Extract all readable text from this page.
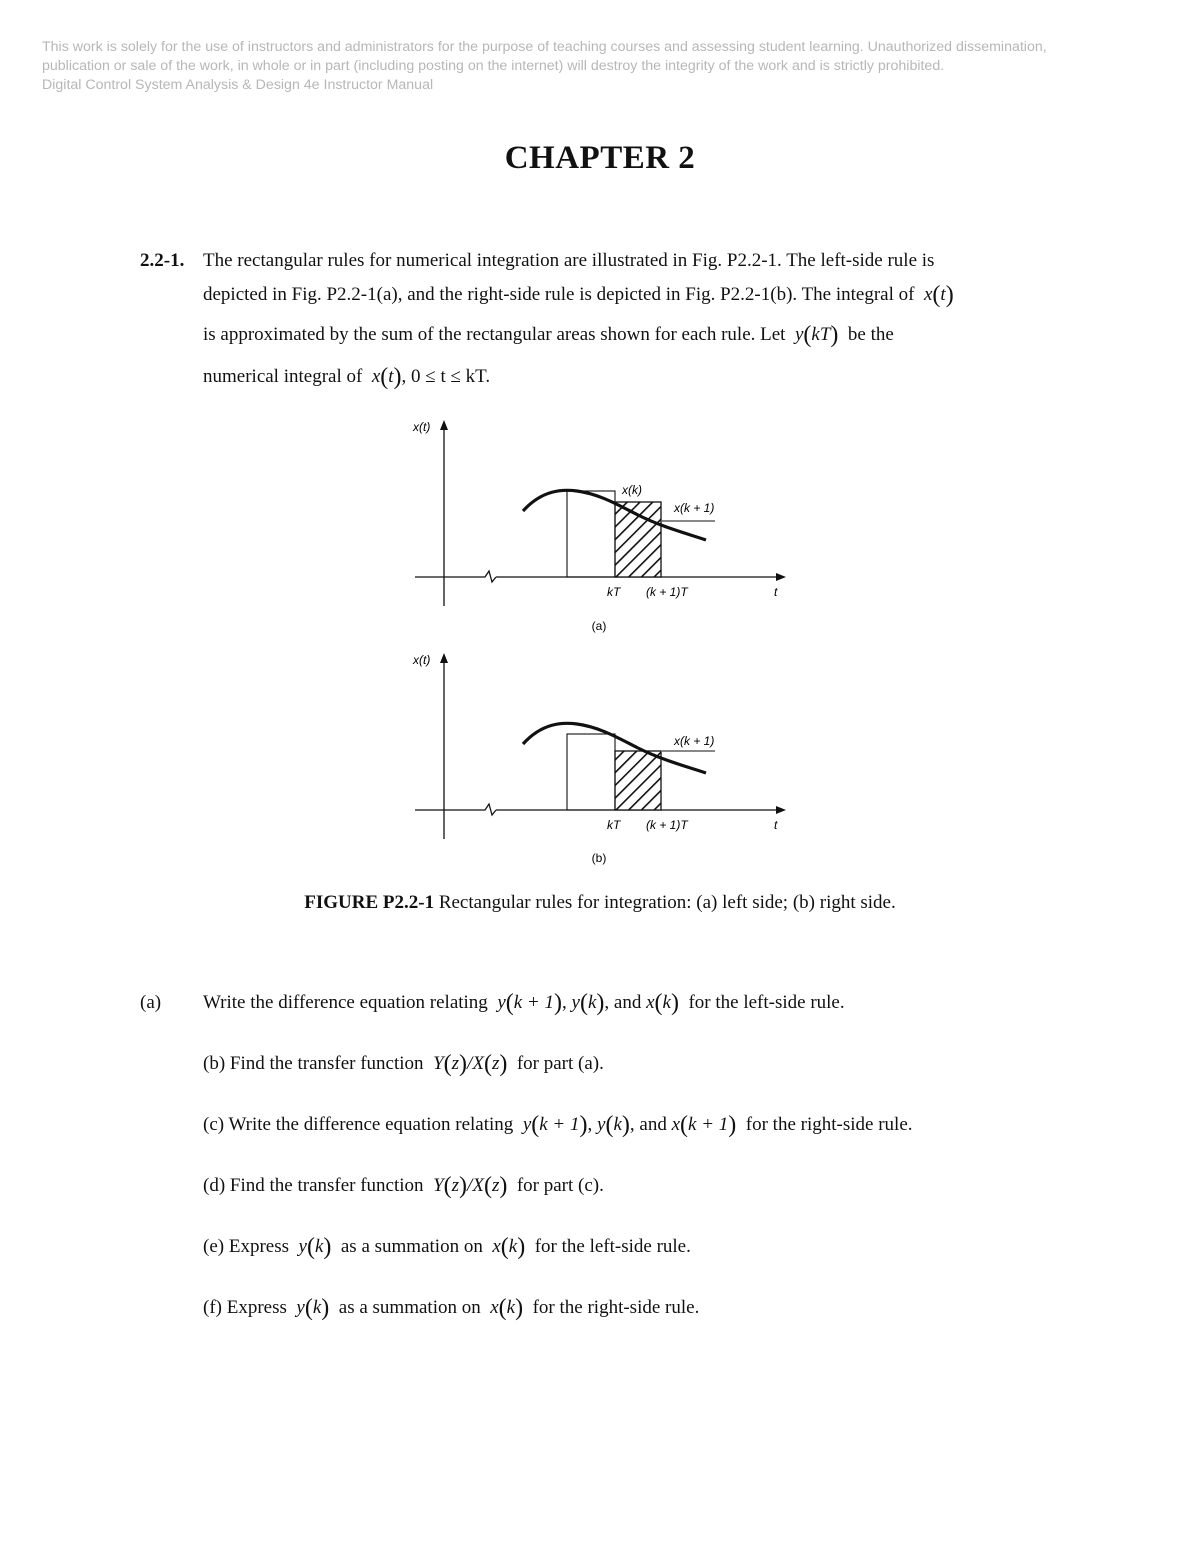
This work is solely for the use of instructors and administrators for the purpose of teaching courses and assessing student learning. Unauthorized dissemination,
publication or sale of the work, in whole or in part (including posting on the internet) will destroy the integrity of the work and is strictly prohibited.
Digital Control System Analysis & Design 4e Instructor Manual
CHAPTER 2
2.2-1. The rectangular rules for numerical integration are illustrated in Fig. P2.2-1. The left-side rule is
depicted in Fig. P2.2-1(a), and the right-side rule is depicted in Fig. P2.2-1(b). The integral of  x(t)
is approximated by the sum of the rectangular areas shown for each rule. Let  y(kT) be the
numerical integral of  x(t), 0 ≤ t ≤ kT.
x(t)
x(k)
x(k + 1)
kT (k + 1)T	t
(a)
x(t)
x(k + 1)
kT (k + 1)T	t
(b)
FIGURE P2.2-1 Rectangular rules for integration: (a) left side; (b) right side.
(a) Write the difference equation relating  y(k + 1), y(k), and x(k) for the left-side rule.
(b) Find the transfer function  Y(z)/X(z) for part (a).
(c) Write the difference equation relating  y(k + 1), y(k), and x(k + 1) for the right-side rule.
(d) Find the transfer function  Y(z)/X(z) for part (c).
(e) Express  y(k) as a summation on  x(k) for the left-side rule.
(f) Express  y(k) as a summation on  x(k) for the right-side rule.
